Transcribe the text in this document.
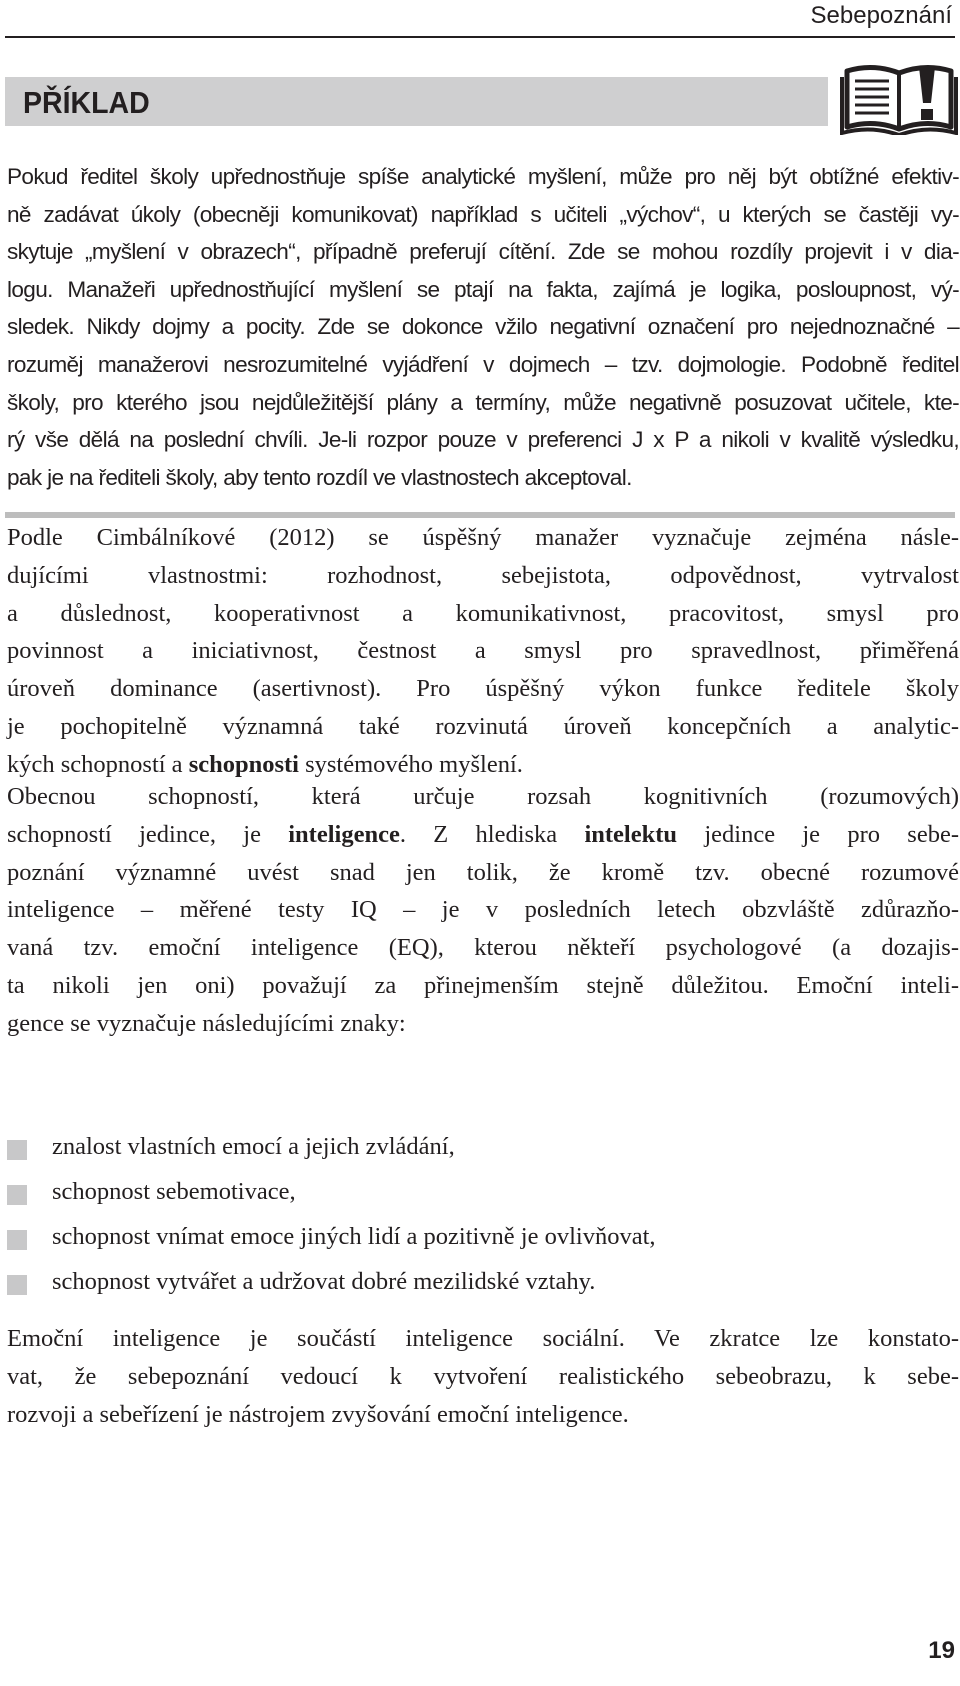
Sebepoznání
PŘÍKLAD
Pokud ředitel školy upřednostňuje spíše analytické myšlení, může pro něj být obtížné efektiv-
ně zadávat úkoly (obecněji komunikovat) například s učiteli „výchov“, u kterých se častěji vy-
skytuje „myšlení v obrazech“, případně preferují cítění. Zde se mohou rozdíly projevit i v dia-
logu. Manažeři upřednostňující myšlení se ptají na fakta, zajímá je logika, posloupnost, vý-
sledek. Nikdy dojmy a pocity. Zde se dokonce vžilo negativní označení pro nejednoznačné –
rozuměj manažerovi nesrozumitelné vyjádření v dojmech – tzv. dojmologie. Podobně ředitel
školy, pro kterého jsou nejdůležitější plány a termíny, může negativně posuzovat učitele, kte-
rý vše dělá na poslední chvíli. Je-li rozpor pouze v preferenci J x P a nikoli v kvalitě výsledku,
pak je na řediteli školy, aby tento rozdíl ve vlastnostech akceptoval.
Podle Cimbálníkové (2012) se úspěšný manažer vyznačuje zejména násle-
dujícími vlastnostmi: rozhodnost, sebejistota, odpovědnost, vytrvalost
a důslednost, kooperativnost a komunikativnost, pracovitost, smysl pro
povinnost a iniciativnost, čestnost a smysl pro spravedlnost, přiměřená
úroveň dominance (asertivnost). Pro úspěšný výkon funkce ředitele školy
je pochopitelně významná také rozvinutá úroveň koncepčních a analytic-
kých schopností a schopnosti systémového myšlení.
Obecnou schopností, která určuje rozsah kognitivních (rozumových)
schopností jedince, je inteligence. Z hlediska intelektu jedince je pro sebe-
poznání významné uvést snad jen tolik, že kromě tzv. obecné rozumové
inteligence – měřené testy IQ – je v posledních letech obzvláště zdůrazňo-
vaná tzv. emoční inteligence (EQ), kterou někteří psychologové (a dozajis-
ta nikoli jen oni) považují za přinejmenším stejně důležitou. Emoční inteli-
gence se vyznačuje následujícími znaky:
znalost vlastních emocí a jejich zvládání,
schopnost sebemotivace,
schopnost vnímat emoce jiných lidí a pozitivně je ovlivňovat,
schopnost vytvářet a udržovat dobré mezilidské vztahy.
Emoční inteligence je součástí inteligence sociální. Ve zkratce lze konstato-
vat, že sebepoznání vedoucí k vytvoření realistického sebeobrazu, k sebe-
rozvoji a sebeřízení je nástrojem zvyšování emoční inteligence.
19
